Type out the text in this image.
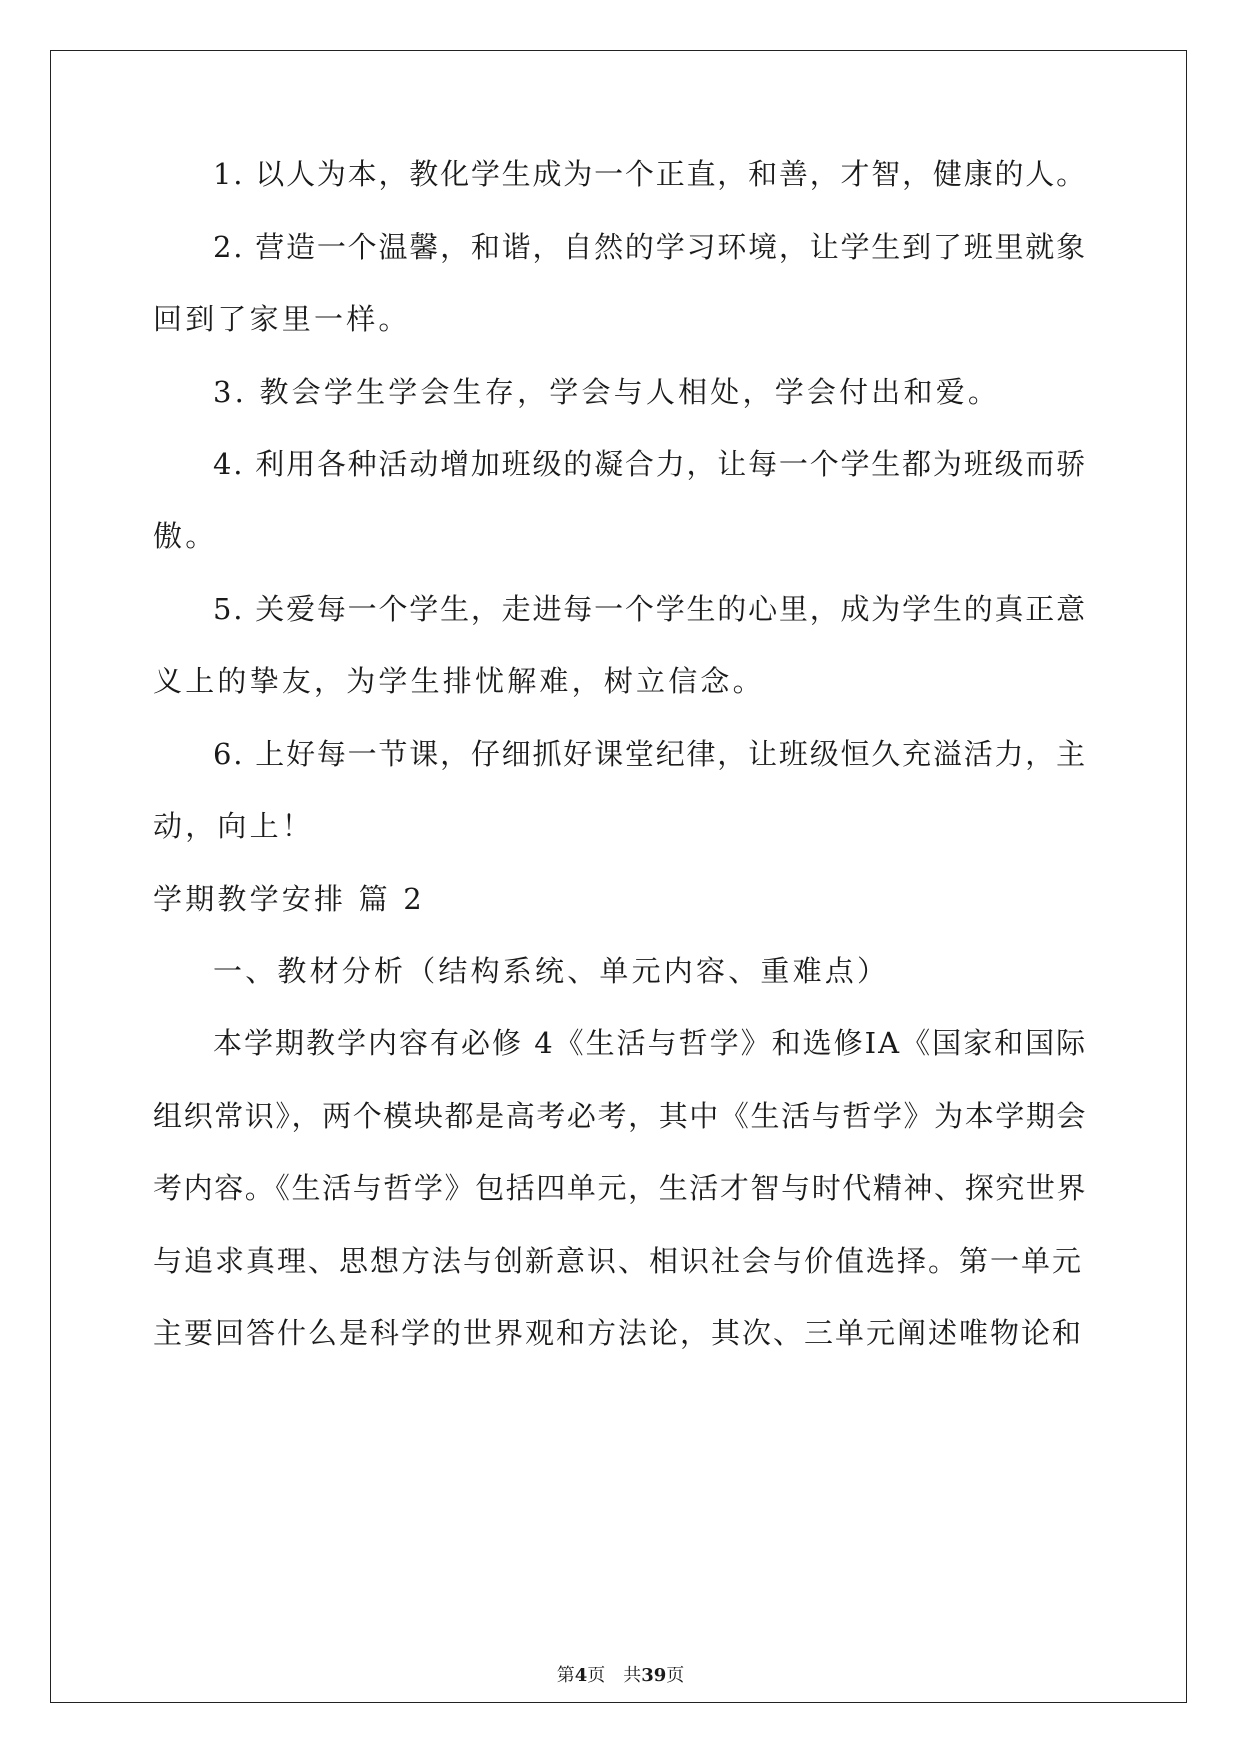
1. 以人为本，教化学生成为一个正直，和善，才智，健康的人。
2. 营造一个温馨，和谐，自然的学习环境，让学生到了班里就象
回到了家里一样。
3. 教会学生学会生存，学会与人相处，学会付出和爱。
4. 利用各种活动增加班级的凝合力，让每一个学生都为班级而骄
傲。
5. 关爱每一个学生，走进每一个学生的心里，成为学生的真正意
义上的挚友，为学生排忧解难，树立信念。
6. 上好每一节课，仔细抓好课堂纪律，让班级恒久充溢活力，主
动，向上！
学期教学安排 篇 2
一、教材分析（结构系统、单元内容、重难点）
本学期教学内容有必修 4《生活与哲学》和选修ⅠA《国家和国际
组织常识》，两个模块都是高考必考，其中《生活与哲学》为本学期会
考内容。《生活与哲学》包括四单元，生活才智与时代精神、探究世界
与追求真理、思想方法与创新意识、相识社会与价值选择。第一单元
主要回答什么是科学的世界观和方法论，其次、三单元阐述唯物论和
第4页　共39页
